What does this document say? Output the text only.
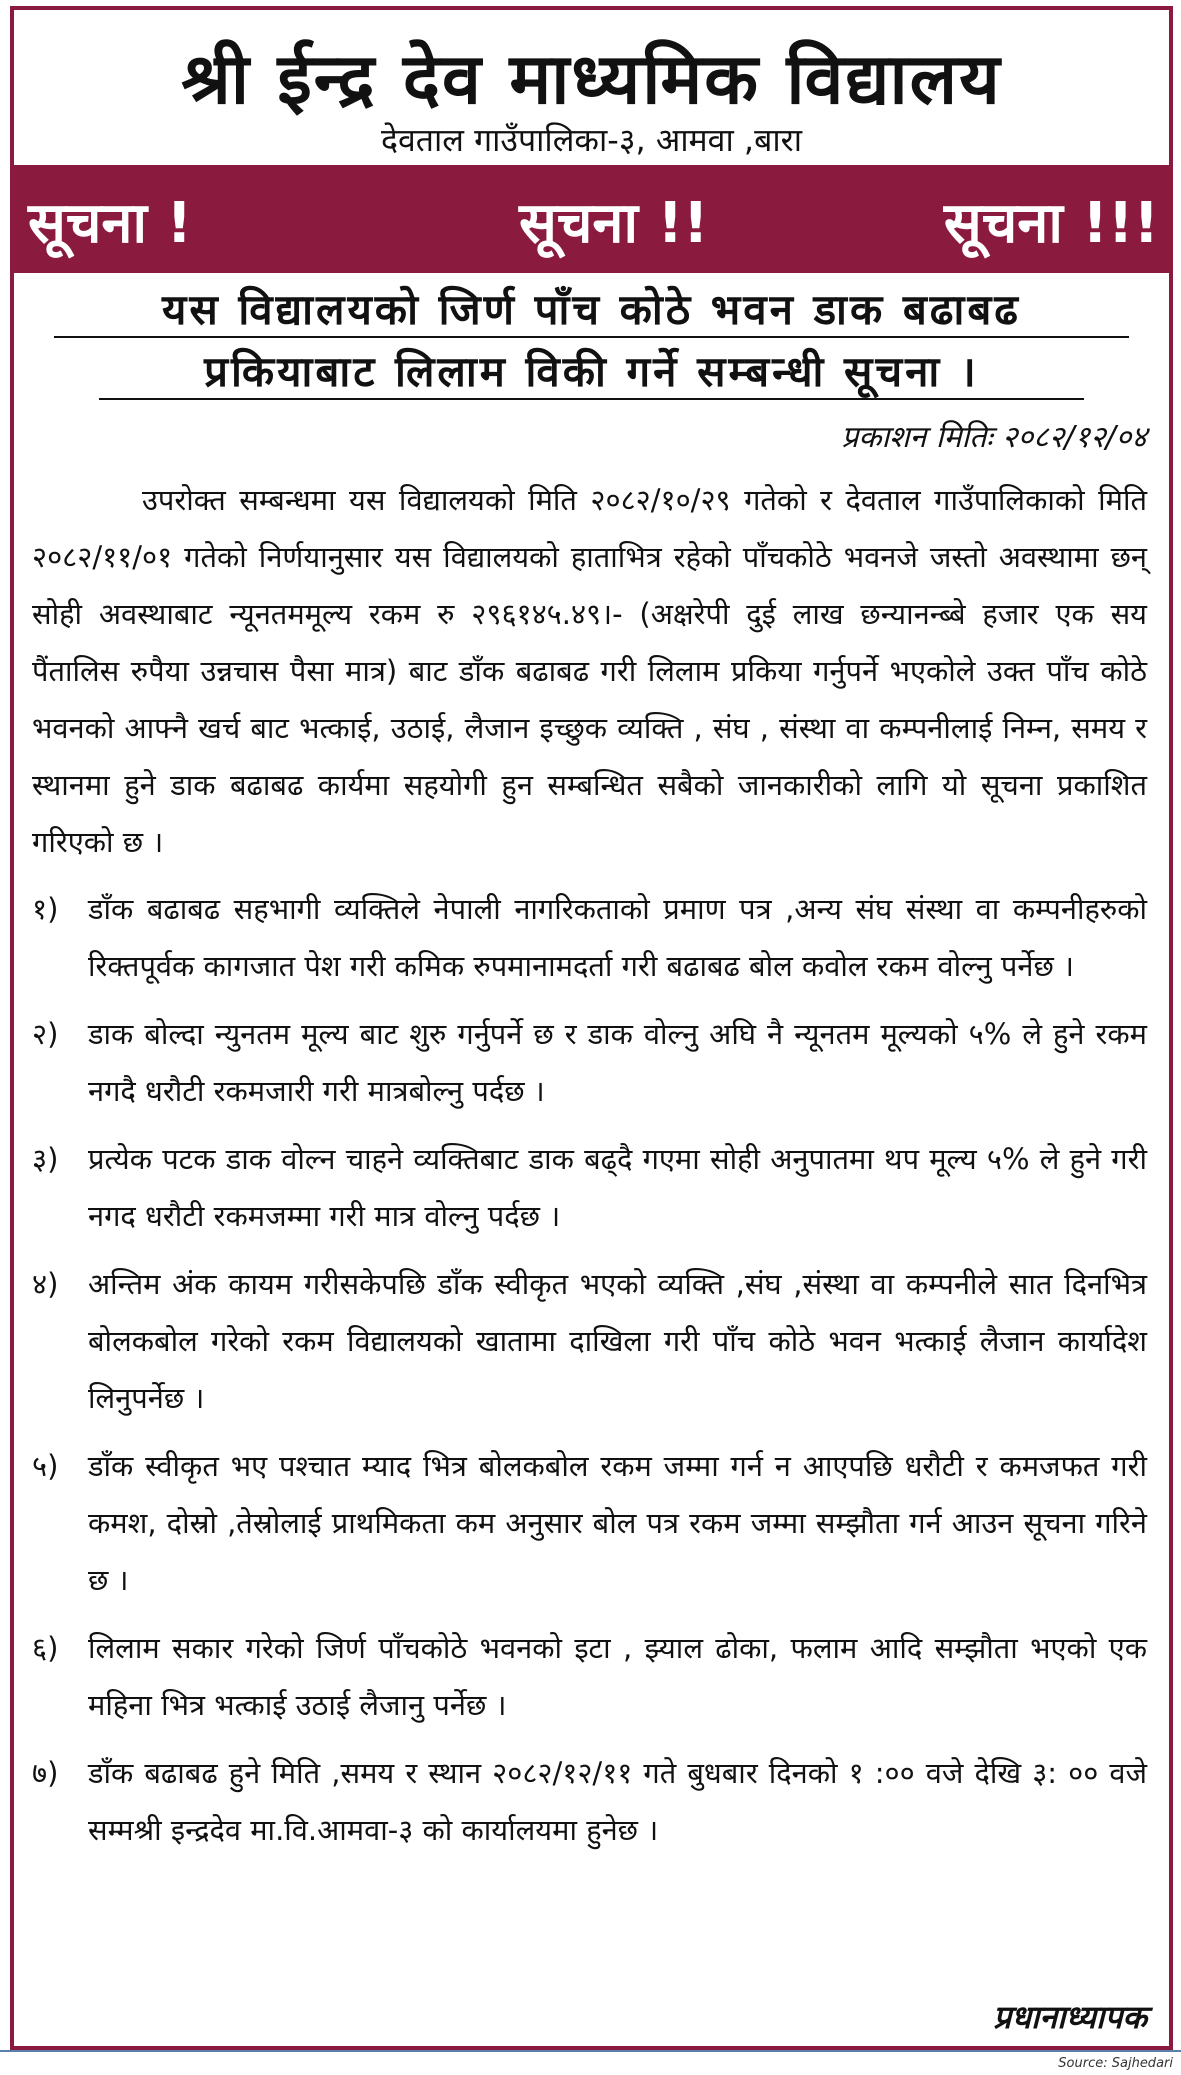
श्री ईन्द्र देव माध्यमिक विद्यालय
देवताल गाउँपालिका-३, आमवा ,बारा
सूचना !	सूचना !!	सूचना !!!
यस विद्यालयको जिर्ण पाँच कोठे भवन डाक बढाबढ
प्रकियाबाट लिलाम विकी गर्ने सम्बन्धी सूचना ।
प्रकाशन मितिः २०८२/१२/०४

उपरोक्त सम्बन्धमा यस विद्यालयको मिति २०८२/१०/२९ गतेको र देवताल गाउँपालिकाको मिति २०८२/११/०१ गतेको निर्णयानुसार यस विद्यालयको हाताभित्र रहेको पाँचकोठे भवनजे जस्तो अवस्थामा छन् सोही अवस्थाबाट न्यूनतममूल्य रकम रु २९६१४५.४९।- (अक्षरेपी दुई लाख छन्यानन्ब्बे हजार एक सय पैंतालिस रुपैया उन्नचास पैसा मात्र) बाट डाँक बढाबढ गरी लिलाम प्रकिया गर्नुपर्ने भएकोले उक्त पाँच कोठे भवनको आफ्नै खर्च बाट भत्काई, उठाई, लैजान इच्छुक व्यक्ति , संघ , संस्था वा कम्पनीलाई निम्न, समय र स्थानमा हुने डाक बढाबढ कार्यमा सहयोगी हुन सम्बन्धित सबैको जानकारीको लागि यो सूचना प्रकाशित गरिएको छ ।

१)	डाँक बढाबढ सहभागी व्यक्तिले नेपाली नागरिकताको प्रमाण पत्र ,अन्य संघ संस्था वा कम्पनीहरुको रिक्तपूर्वक कागजात पेश गरी कमिक रुपमानामदर्ता गरी बढाबढ बोल कवोल रकम वोल्नु पर्नेछ ।
२)	डाक बोल्दा न्युनतम मूल्य बाट शुरु गर्नुपर्ने छ र डाक वोल्नु अघि नै न्यूनतम मूल्यको ५% ले हुने रकम नगदै धरौटी रकमजारी गरी मात्रबोल्नु पर्दछ ।
३)	प्रत्येक पटक डाक वोल्न चाहने व्यक्तिबाट डाक बढ्दै गएमा सोही अनुपातमा थप मूल्य ५% ले हुने गरी नगद धरौटी रकमजम्मा गरी मात्र वोल्नु पर्दछ ।
४)	अन्तिम अंक कायम गरीसकेपछि डाँक स्वीकृत भएको व्यक्ति ,संघ ,संस्था वा कम्पनीले सात दिनभित्र बोलकबोल गरेको रकम विद्यालयको खातामा दाखिला गरी पाँच कोठे भवन भत्काई लैजान कार्यादेश लिनुपर्नेछ ।
५)	डाँक स्वीकृत भए पश्चात म्याद भित्र बोलकबोल रकम जम्मा गर्न न आएपछि धरौटी र कमजफत गरी कमश, दोस्रो ,तेस्रोलाई प्राथमिकता कम अनुसार बोल पत्र रकम जम्मा सम्झौता गर्न आउन सूचना गरिने छ ।
६)	लिलाम सकार गरेको जिर्ण पाँचकोठे भवनको इटा , झ्याल ढोका, फलाम आदि सम्झौता भएको एक महिना भित्र भत्काई उठाई लैजानु पर्नेछ ।
७)	डाँक बढाबढ हुने मिति ,समय र स्थान २०८२/१२/११ गते बुधबार दिनको १ :०० वजे देखि ३: ०० वजे सम्मश्री इन्द्रदेव मा.वि.आमवा-३ को कार्यालयमा हुनेछ ।
प्रधानाध्यापक
Source: Sajhedari
